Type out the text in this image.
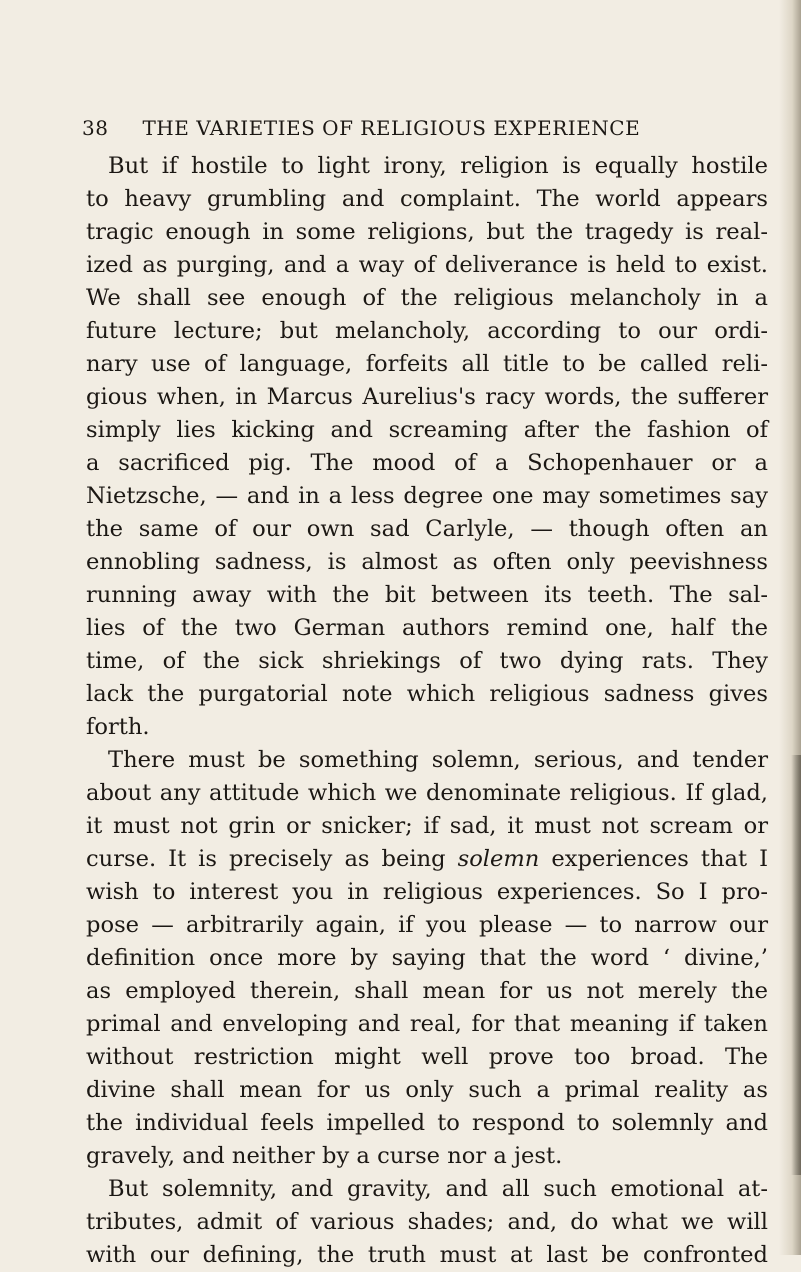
38 THE VARIETIES OF RELIGIOUS EXPERIENCE
But if hostile to light irony, religion is equally hostile
to heavy grumbling and complaint. The world appears
tragic enough in some religions, but the tragedy is real-
ized as purging, and a way of deliverance is held to exist.
We shall see enough of the religious melancholy in a
future lecture; but melancholy, according to our ordi-
nary use of language, forfeits all title to be called reli-
gious when, in Marcus Aurelius's racy words, the sufferer
simply lies kicking and screaming after the fashion of
a sacrificed pig. The mood of a Schopenhauer or a
Nietzsche, — and in a less degree one may sometimes say
the same of our own sad Carlyle, — though often an
ennobling sadness, is almost as often only peevishness
running away with the bit between its teeth. The sal-
lies of the two German authors remind one, half the
time, of the sick shriekings of two dying rats. They
lack the purgatorial note which religious sadness gives
forth.
There must be something solemn, serious, and tender
about any attitude which we denominate religious. If glad,
it must not grin or snicker; if sad, it must not scream or
curse. It is precisely as being solemn experiences that I
wish to interest you in religious experiences. So I pro-
pose — arbitrarily again, if you please — to narrow our
definition once more by saying that the word ‘ divine,’
as employed therein, shall mean for us not merely the
primal and enveloping and real, for that meaning if taken
without restriction might well prove too broad. The
divine shall mean for us only such a primal reality as
the individual feels impelled to respond to solemnly and
gravely, and neither by a curse nor a jest.
But solemnity, and gravity, and all such emotional at-
tributes, admit of various shades; and, do what we will
with our defining, the truth must at last be confronted
